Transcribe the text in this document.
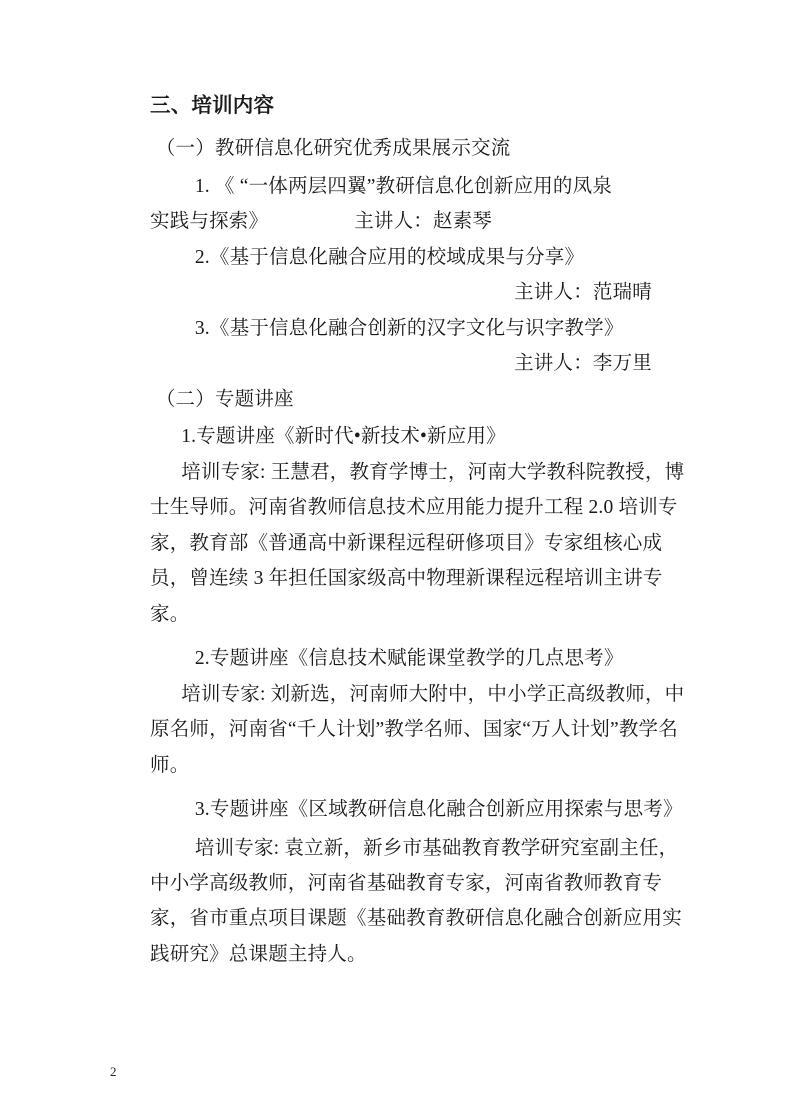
三、培训内容

（一）教研信息化研究优秀成果展示交流

1. 《 “一体两层四翼”教研信息化创新应用的凤泉

实践与探索》	主讲人：赵素琴

2.《基于信息化融合应用的校域成果与分享》

主讲人：范瑞晴

3.《基于信息化融合创新的汉字文化与识字教学》

主讲人：李万里

（二）专题讲座

1.专题讲座《新时代•新技术•新应用》

培训专家: 王慧君，教育学博士，河南大学教科院教授，博士生导师。河南省教师信息技术应用能力提升工程 2.0 培训专家，教育部《普通高中新课程远程研修项目》专家组核心成员，曾连续 3 年担任国家级高中物理新课程远程培训主讲专家。

2.专题讲座《信息技术赋能课堂教学的几点思考》

培训专家: 刘新选，河南师大附中，中小学正高级教师，中原名师，河南省“千人计划”教学名师、国家“万人计划”教学名师。

3.专题讲座《区域教研信息化融合创新应用探索与思考》

培训专家: 袁立新，新乡市基础教育教学研究室副主任，中小学高级教师，河南省基础教育专家，河南省教师教育专家，省市重点项目课题《基础教育教研信息化融合创新应用实践研究》总课题主持人。

2
